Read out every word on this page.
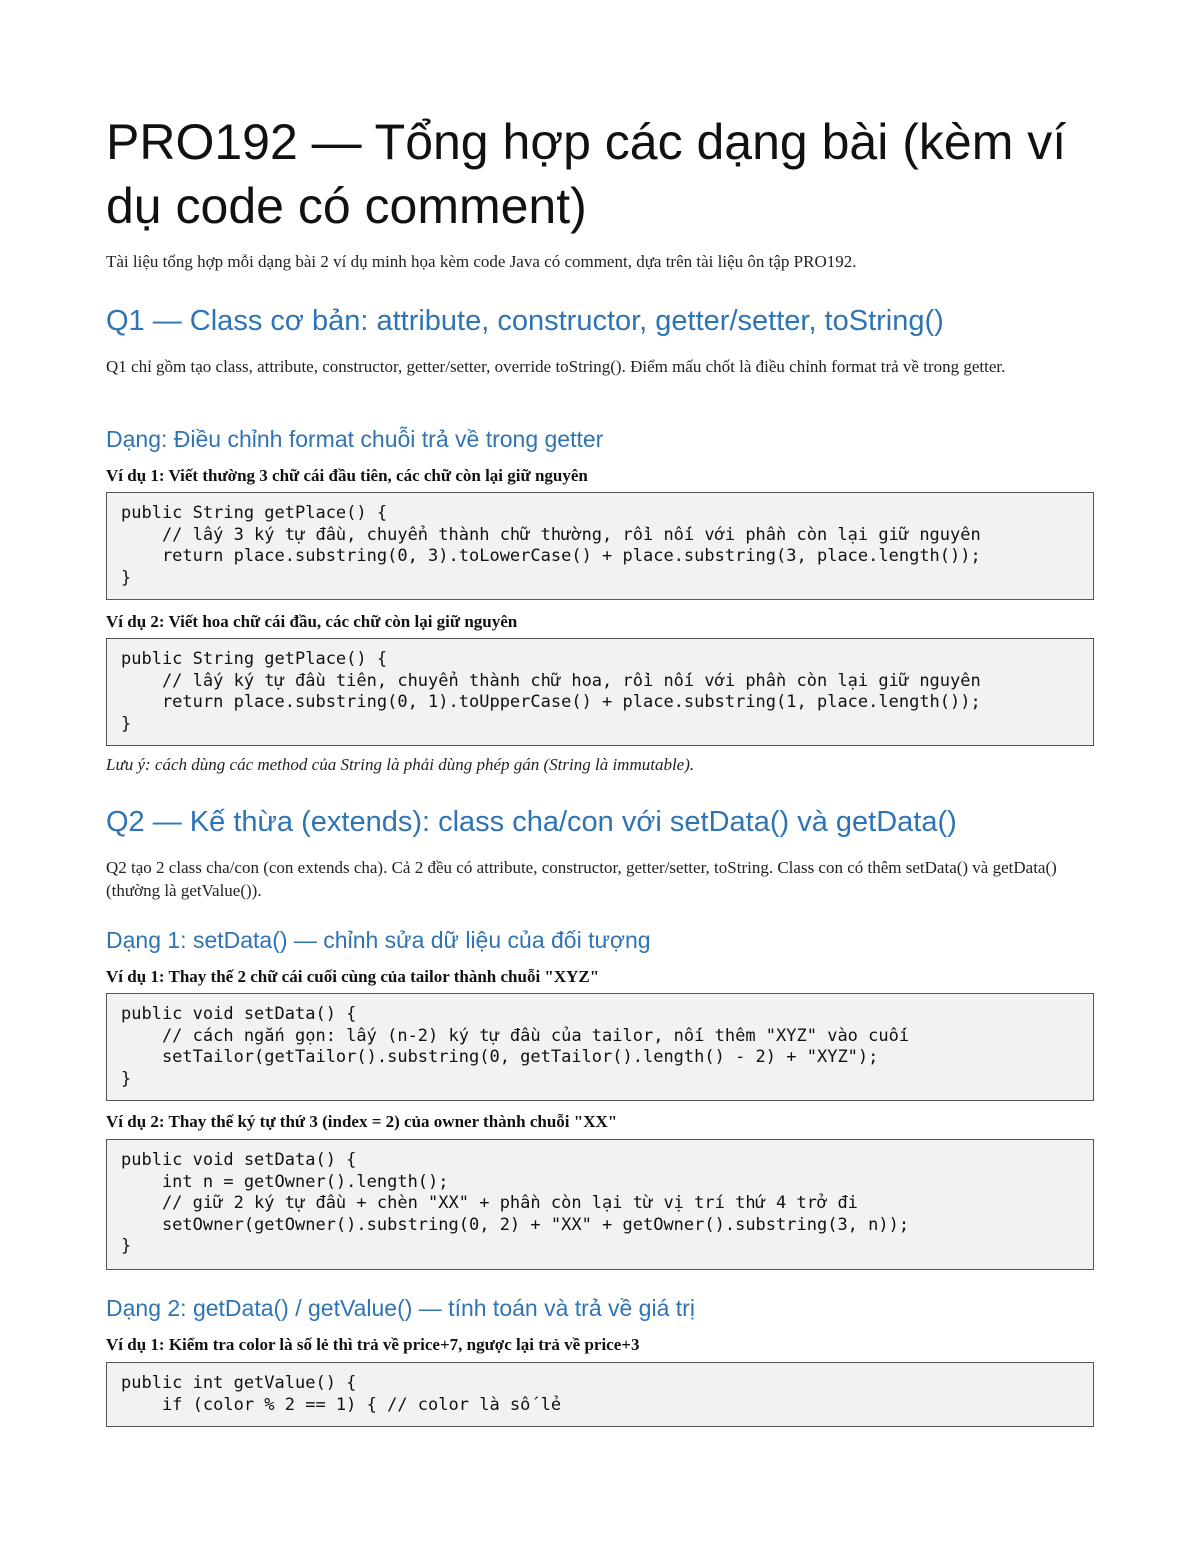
PRO192 — Tổng hợp các dạng bài (kèm ví dụ code có comment)

Tài liệu tổng hợp mỗi dạng bài 2 ví dụ minh họa kèm code Java có comment, dựa trên tài liệu ôn tập PRO192.

Q1 — Class cơ bản: attribute, constructor, getter/setter, toString()

Q1 chỉ gồm tạo class, attribute, constructor, getter/setter, override toString(). Điểm mấu chốt là điều chỉnh format trả về trong getter.

Dạng: Điều chỉnh format chuỗi trả về trong getter

Ví dụ 1: Viết thường 3 chữ cái đầu tiên, các chữ còn lại giữ nguyên

public String getPlace() {
// lấy 3 ký tự đầu, chuyển thành chữ thường, rồi nối với phần còn lại giữ nguyên
return place.substring(0, 3).toLowerCase() + place.substring(3, place.length());
}

Ví dụ 2: Viết hoa chữ cái đầu, các chữ còn lại giữ nguyên

public String getPlace() {
// lấy ký tự đầu tiên, chuyển thành chữ hoa, rồi nối với phần còn lại giữ nguyên
return place.substring(0, 1).toUpperCase() + place.substring(1, place.length());
}

Lưu ý: cách dùng các method của String là phải dùng phép gán (String là immutable).

Q2 — Kế thừa (extends): class cha/con với setData() và getData()

Q2 tạo 2 class cha/con (con extends cha). Cả 2 đều có attribute, constructor, getter/setter, toString. Class con có thêm setData() và getData() (thường là getValue()).

Dạng 1: setData() — chỉnh sửa dữ liệu của đối tượng

Ví dụ 1: Thay thế 2 chữ cái cuối cùng của tailor thành chuỗi "XYZ"

public void setData() {
// cách ngắn gọn: lấy (n-2) ký tự đầu của tailor, nối thêm "XYZ" vào cuối
setTailor(getTailor().substring(0, getTailor().length() - 2) + "XYZ");
}

Ví dụ 2: Thay thế ký tự thứ 3 (index = 2) của owner thành chuỗi "XX"

public void setData() {
int n = getOwner().length();
// giữ 2 ký tự đầu + chèn "XX" + phần còn lại từ vị trí thứ 4 trở đi
setOwner(getOwner().substring(0, 2) + "XX" + getOwner().substring(3, n));
}
Dạng 2: getData() / getValue() — tính toán và trả về giá trị

Ví dụ 1: Kiểm tra color là số lẻ thì trả về price+7, ngược lại trả về price+3

public int getValue() {
if (color % 2 == 1) { // color là số lẻ
